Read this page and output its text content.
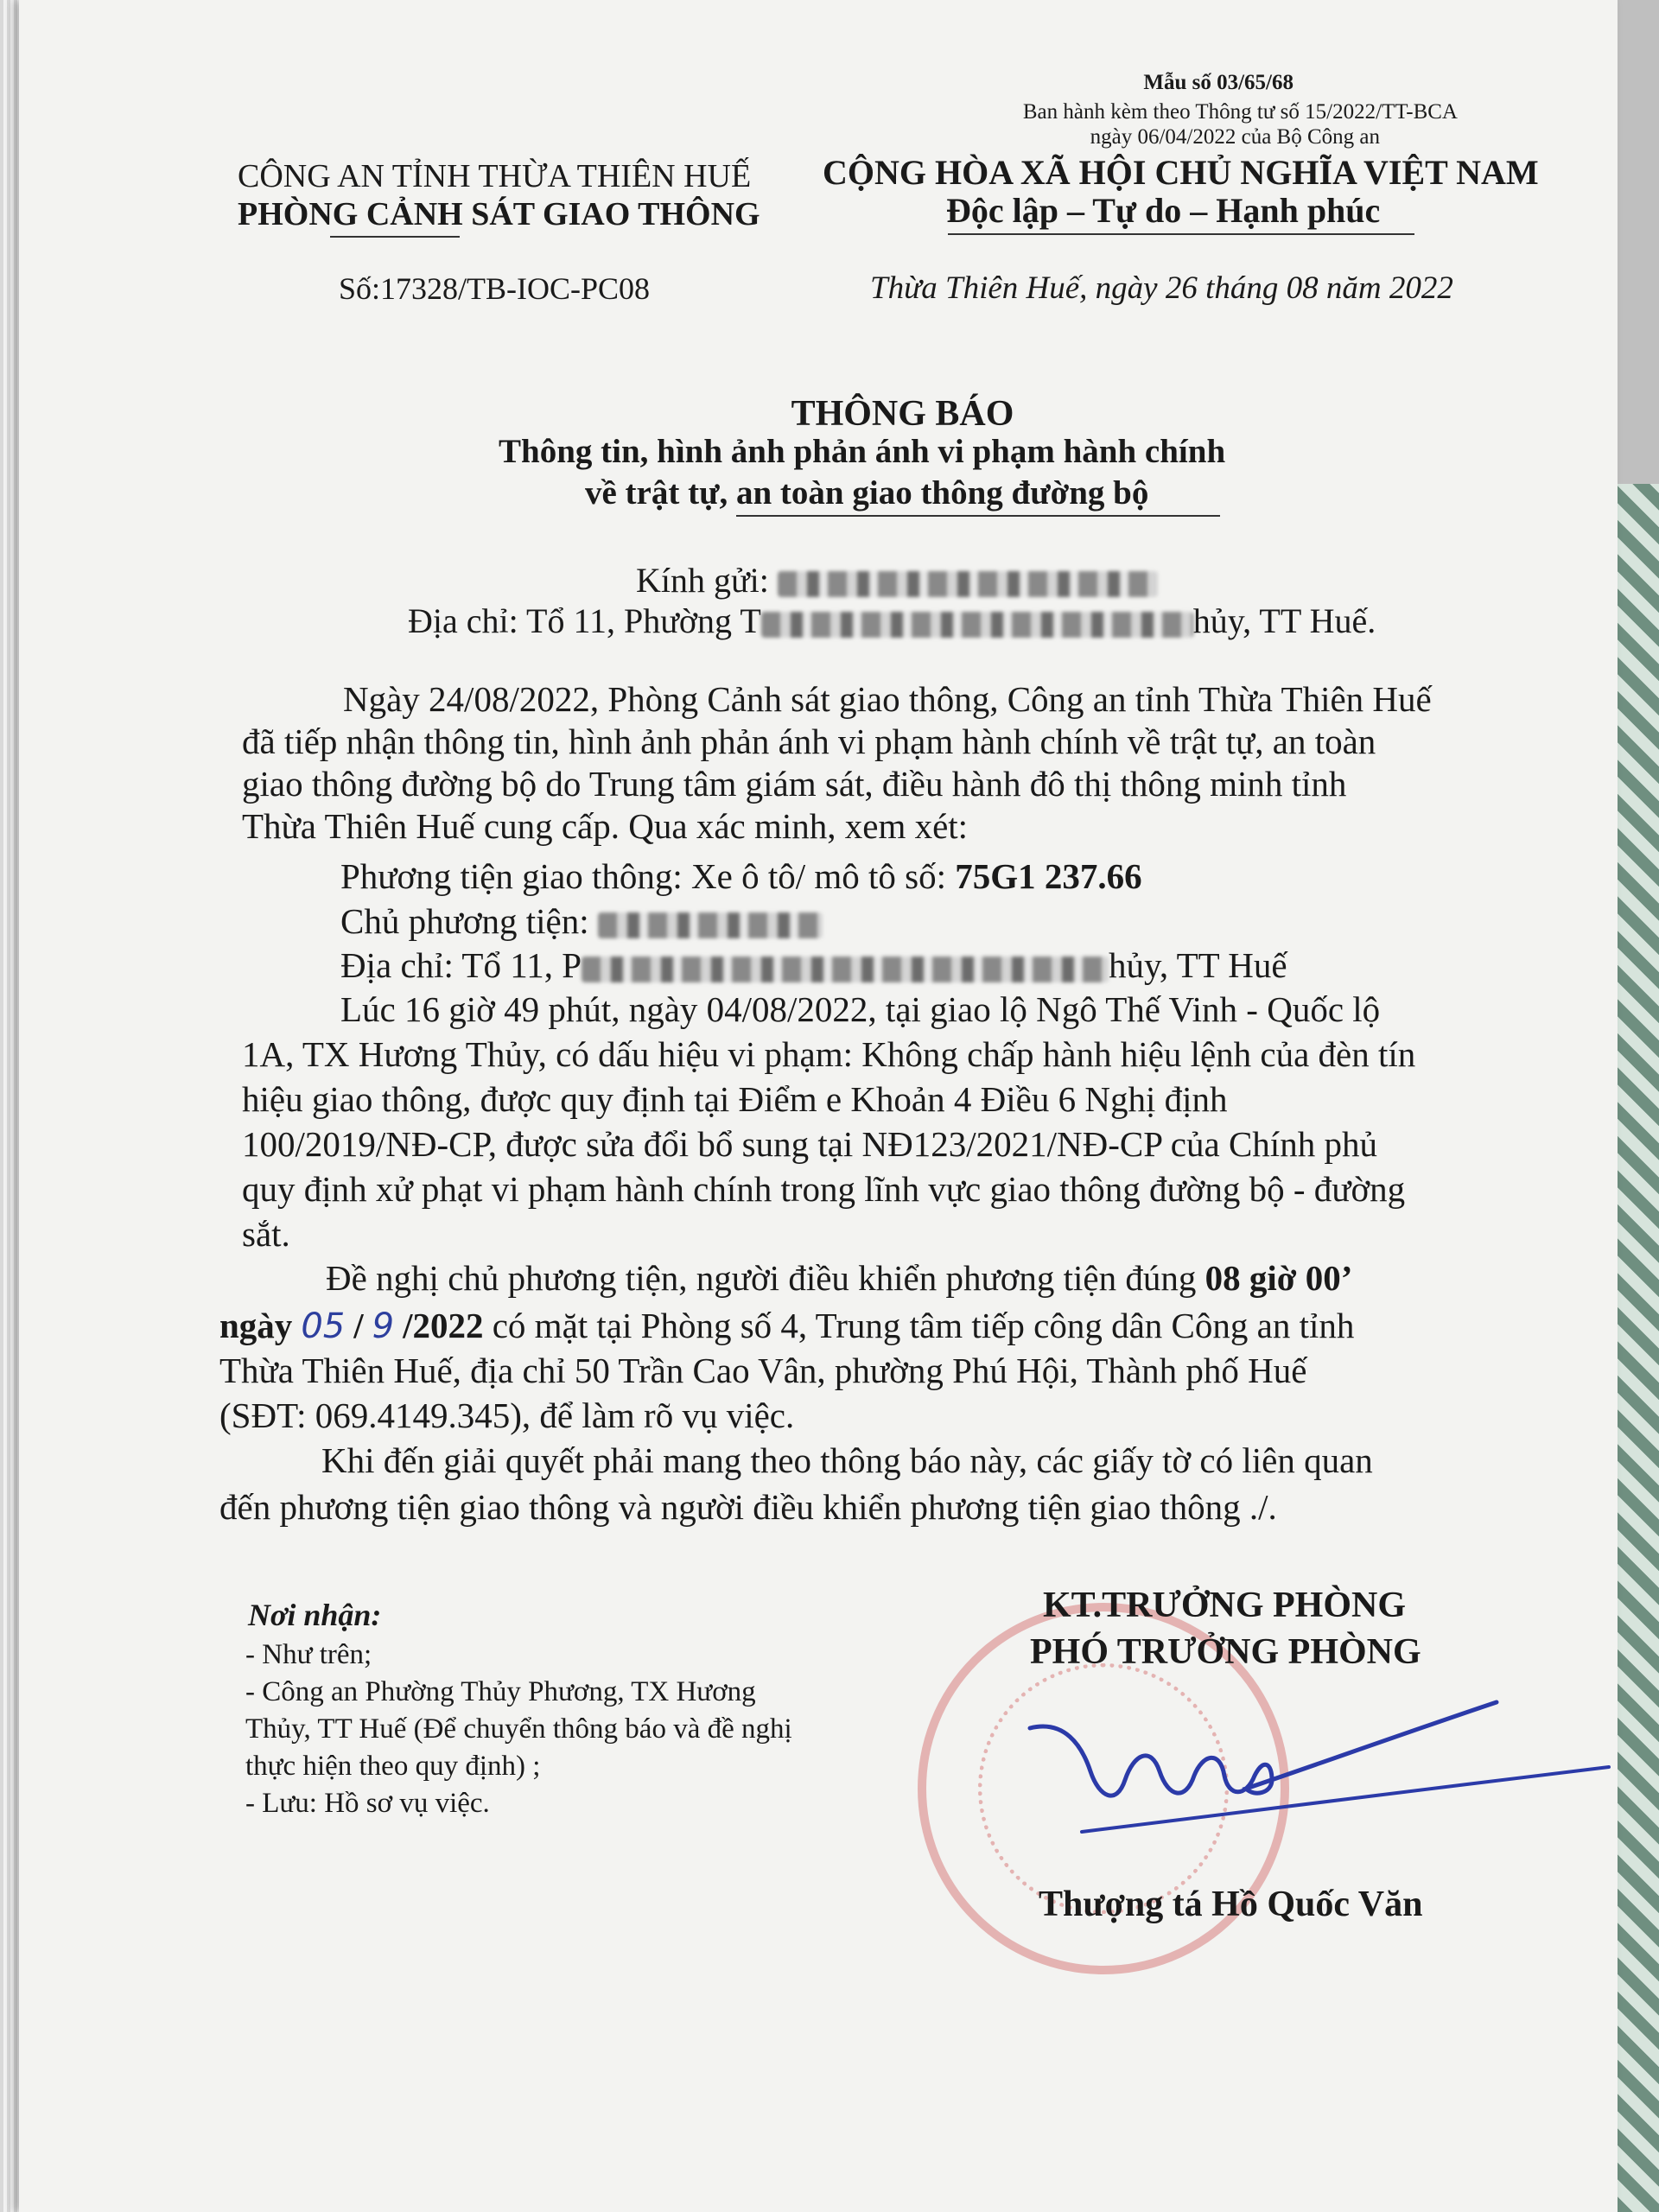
Mẫu số 03/65/68
Ban hành kèm theo Thông tư số 15/2022/TT-BCA
ngày 06/04/2022 của Bộ Công an
CÔNG AN TỈNH THỪA THIÊN HUẾ
PHÒNG CẢNH SÁT GIAO THÔNG
CỘNG HÒA XÃ HỘI CHỦ NGHĨA VIỆT NAM
Độc lập – Tự do – Hạnh phúc
Số:17328/TB-IOC-PC08	Thừa Thiên Huế, ngày 26 tháng 08 năm 2022
THÔNG BÁO
Thông tin, hình ảnh phản ánh vi phạm hành chính
về trật tự, an toàn giao thông đường bộ
Kính gửi:
Địa chỉ: Tổ 11, Phường T	hủy, TT Huế.
Ngày 24/08/2022, Phòng Cảnh sát giao thông, Công an tỉnh Thừa Thiên Huế
đã tiếp nhận thông tin, hình ảnh phản ánh vi phạm hành chính về trật tự, an toàn
giao thông đường bộ do Trung tâm giám sát, điều hành đô thị thông minh tỉnh
Thừa Thiên Huế cung cấp. Qua xác minh, xem xét:
Phương tiện giao thông: Xe ô tô/ mô tô số: 75G1 237.66
Chủ phương tiện:
Địa chỉ: Tổ 11, P	hủy, TT Huế
Lúc 16 giờ 49 phút, ngày 04/08/2022, tại giao lộ Ngô Thế Vinh - Quốc lộ
1A, TX Hương Thủy, có dấu hiệu vi phạm: Không chấp hành hiệu lệnh của đèn tín
hiệu giao thông, được quy định tại Điểm e Khoản 4 Điều 6 Nghị định
100/2019/NĐ-CP, được sửa đổi bổ sung tại NĐ123/2021/NĐ-CP của Chính phủ
quy định xử phạt vi phạm hành chính trong lĩnh vực giao thông đường bộ - đường
sắt.
Đề nghị chủ phương tiện, người điều khiển phương tiện đúng 08 giờ 00’
ngày 05 / 9 /2022 có mặt tại Phòng số 4, Trung tâm tiếp công dân Công an tỉnh
Thừa Thiên Huế, địa chỉ 50 Trần Cao Vân, phường Phú Hội, Thành phố Huế
(SĐT: 069.4149.345), để làm rõ vụ việc.
Khi đến giải quyết phải mang theo thông báo này, các giấy tờ có liên quan
đến phương tiện giao thông và người điều khiển phương tiện giao thông ./.
Nơi nhận:
- Như trên;
- Công an Phường Thủy Phương, TX Hương
Thủy, TT Huế (Để chuyển thông báo và đề nghị
thực hiện theo quy định) ;
- Lưu: Hồ sơ vụ việc.
KT.TRƯỞNG PHÒNG
PHÓ TRƯỞNG PHÒNG
Thượng tá Hồ Quốc Văn
